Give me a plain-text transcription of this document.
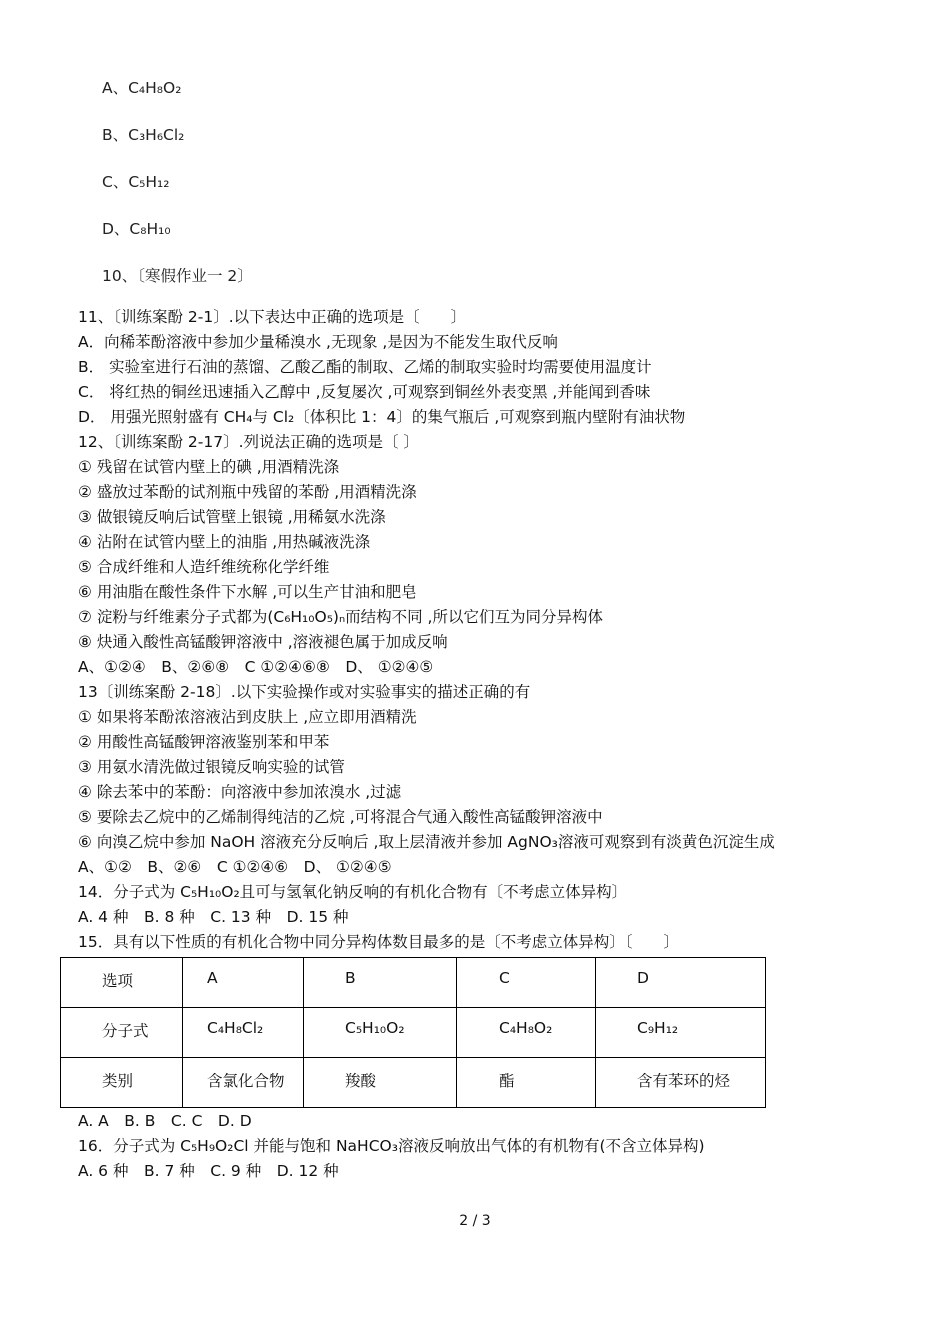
A、C₄H₈O₂
B、C₃H₆Cl₂
C、C₅H₁₂
D、C₈H₁₀
10、〔寒假作业一 2〕
11、〔训练案酚 2-1〕.以下表达中正确的选项是〔　　〕
A．向稀苯酚溶液中参加少量稀溴水 ,无现象 ,是因为不能发生取代反响
B． 实验室进行石油的蒸馏、乙酸乙酯的制取、乙烯的制取实验时均需要使用温度计
C． 将红热的铜丝迅速插入乙醇中 ,反复屡次 ,可观察到铜丝外表变黑 ,并能闻到香味
D． 用强光照射盛有 CH₄与 Cl₂〔体积比 1：4〕的集气瓶后 ,可观察到瓶内壁附有油状物
12、〔训练案酚 2-17〕.列说法正确的选项是〔 〕
① 残留在试管内壁上的碘 ,用酒精洗涤
② 盛放过苯酚的试剂瓶中残留的苯酚 ,用酒精洗涤
③ 做银镜反响后试管壁上银镜 ,用稀氨水洗涤
④ 沾附在试管内壁上的油脂 ,用热碱液洗涤
⑤ 合成纤维和人造纤维统称化学纤维
⑥ 用油脂在酸性条件下水解 ,可以生产甘油和肥皂
⑦ 淀粉与纤维素分子式都为(C₆H₁₀O₅)ₙ而结构不同 ,所以它们互为同分异构体
⑧ 炔通入酸性高锰酸钾溶液中 ,溶液褪色属于加成反响
A、①②④　B、②⑥⑧　C ①②④⑥⑧　D、 ①②④⑤
13〔训练案酚 2-18〕.以下实验操作或对实验事实的描述正确的有
① 如果将苯酚浓溶液沾到皮肤上 ,应立即用酒精洗
② 用酸性高锰酸钾溶液鉴别苯和甲苯
③ 用氨水清洗做过银镜反响实验的试管
④ 除去苯中的苯酚：向溶液中参加浓溴水 ,过滤
⑤ 要除去乙烷中的乙烯制得纯洁的乙烷 ,可将混合气通入酸性高锰酸钾溶液中
⑥ 向溴乙烷中参加 NaOH 溶液充分反响后 ,取上层清液并参加 AgNO₃溶液可观察到有淡黄色沉淀生成
A、①②　B、②⑥　C ①②④⑥　D、 ①②④⑤
14．分子式为 C₅H₁₀O₂且可与氢氧化钠反响的有机化合物有〔不考虑立体异构〕
A. 4 种　B. 8 种　C. 13 种　D. 15 种
15．具有以下性质的有机化合物中同分异构体数目最多的是〔不考虑立体异构〕〔　　〕
选项	A	B	C	D

分子式	C₄H₈Cl₂	C₅H₁₀O₂	C₄H₈O₂	C₉H₁₂

类别	含氯化合物	羧酸	酯	含有苯环的烃
A. A　B. B　C. C　D. D
16．分子式为 C₅H₉O₂Cl 并能与饱和 NaHCO₃溶液反响放出气体的有机物有(不含立体异构)
A. 6 种　B. 7 种　C. 9 种　D. 12 种
2 / 3
